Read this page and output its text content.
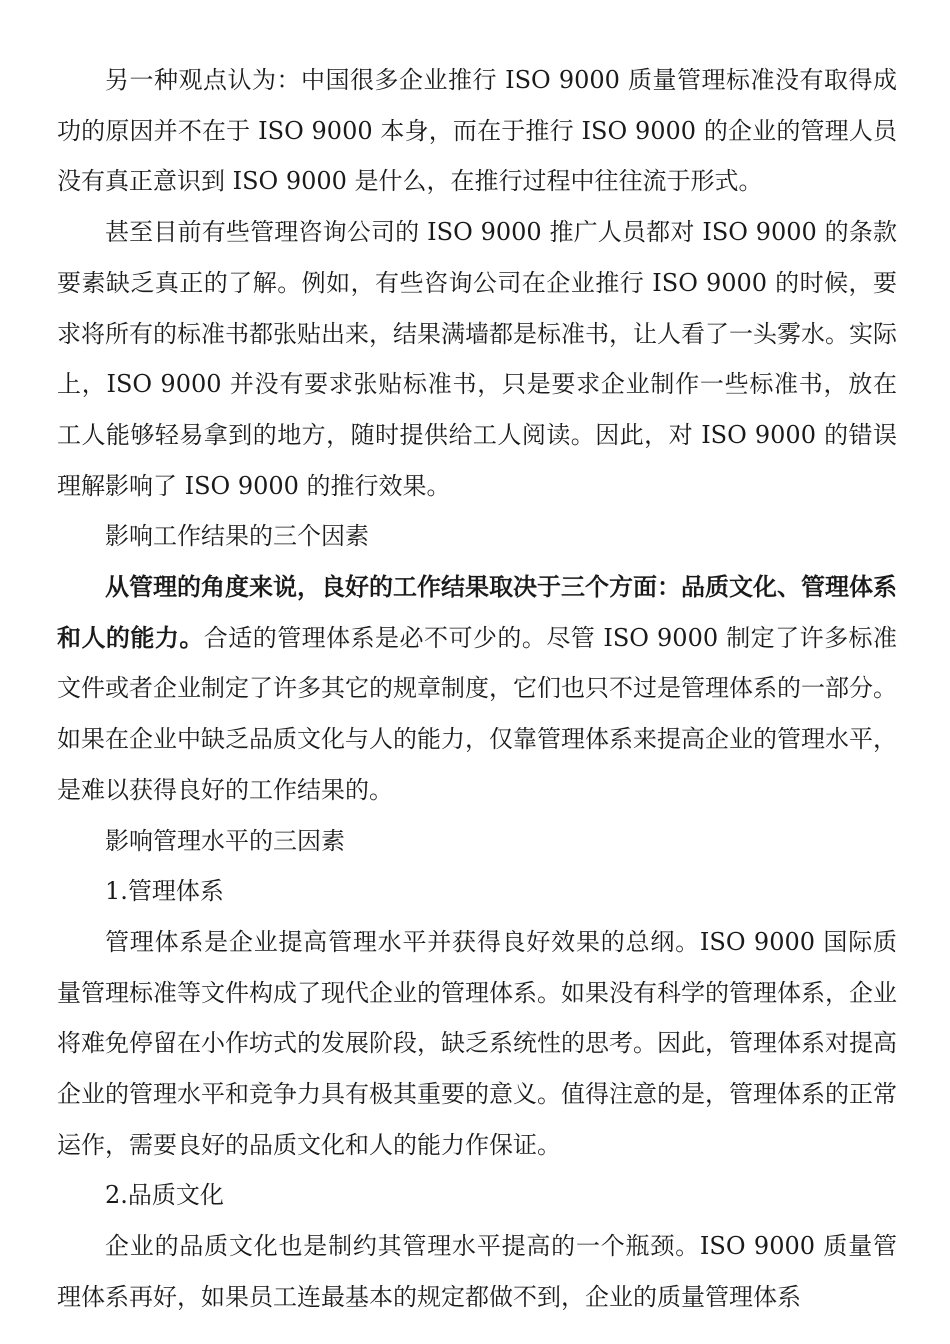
另一种观点认为：中国很多企业推行 ISO 9000 质量管理标准没有取得成功的原因并不在于 ISO 9000 本身，而在于推行 ISO 9000 的企业的管理人员没有真正意识到 ISO 9000 是什么，在推行过程中往往流于形式。

甚至目前有些管理咨询公司的 ISO 9000 推广人员都对 ISO 9000 的条款要素缺乏真正的了解。例如，有些咨询公司在企业推行 ISO 9000 的时候，要求将所有的标准书都张贴出来，结果满墙都是标准书，让人看了一头雾水。实际上，ISO 9000 并没有要求张贴标准书，只是要求企业制作一些标准书，放在工人能够轻易拿到的地方，随时提供给工人阅读。因此，对 ISO 9000 的错误理解影响了 ISO 9000 的推行效果。

影响工作结果的三个因素

从管理的角度来说，良好的工作结果取决于三个方面：品质文化、管理体系和人的能力。合适的管理体系是必不可少的。尽管 ISO 9000 制定了许多标准文件或者企业制定了许多其它的规章制度，它们也只不过是管理体系的一部分。如果在企业中缺乏品质文化与人的能力，仅靠管理体系来提高企业的管理水平，是难以获得良好的工作结果的。

影响管理水平的三因素

1.管理体系

管理体系是企业提高管理水平并获得良好效果的总纲。ISO 9000 国际质量管理标准等文件构成了现代企业的管理体系。如果没有科学的管理体系，企业将难免停留在小作坊式的发展阶段，缺乏系统性的思考。因此，管理体系对提高企业的管理水平和竞争力具有极其重要的意义。值得注意的是，管理体系的正常运作，需要良好的品质文化和人的能力作保证。

2.品质文化

企业的品质文化也是制约其管理水平提高的一个瓶颈。ISO 9000 质量管理体系再好，如果员工连最基本的规定都做不到，企业的质量管理体系
